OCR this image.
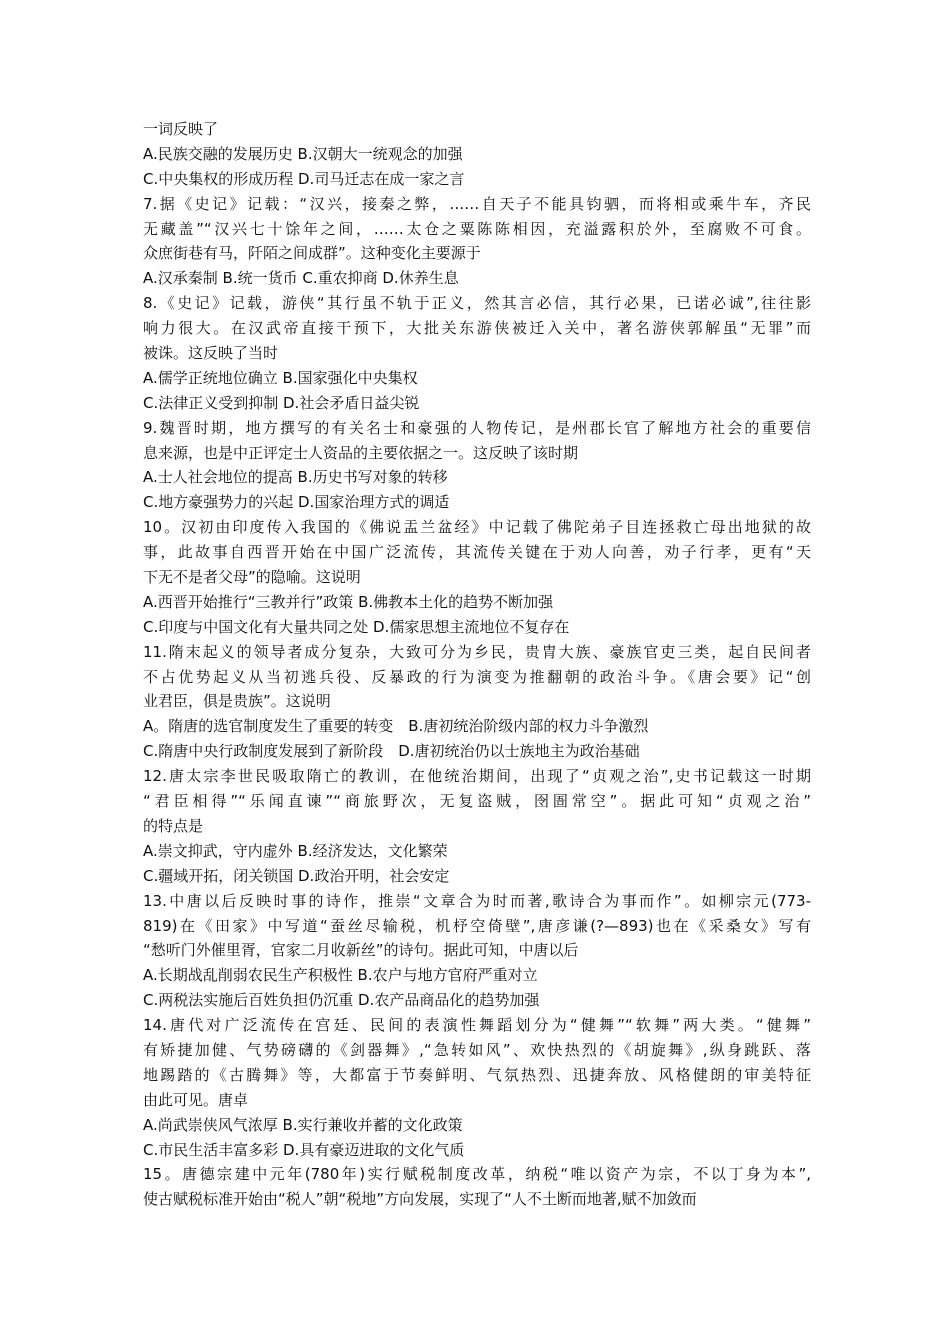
一词反映了
A.民族交融的发展历史 B.汉朝大一统观念的加强
C.中央集权的形成历程 D.司马迁志在成一家之言
7.据《史记》记载：“汉兴，接秦之弊，……自天子不能具钧驷，而将相或乘牛车，齐民
无藏盖”“汉兴七十馀年之间，……太仓之粟陈陈相因，充溢露积於外，至腐败不可食。
众庶街巷有马，阡陌之间成群”。这种变化主要源于
A.汉承秦制 B.统一货币 C.重农抑商 D.休养生息
8.《史记》记载，游侠“其行虽不轨于正义，然其言必信，其行必果，已诺必诚”,往往影
响力很大。在汉武帝直接干预下，大批关东游侠被迁入关中，著名游侠郭解虽“无罪”而
被诛。这反映了当时
A.儒学正统地位确立 B.国家强化中央集权
C.法律正义受到抑制 D.社会矛盾日益尖锐
9.魏晋时期，地方撰写的有关名士和豪强的人物传记，是州郡长官了解地方社会的重要信
息来源，也是中正评定士人资品的主要依据之一。这反映了该时期
A.士人社会地位的提高 B.历史书写对象的转移
C.地方豪强势力的兴起 D.国家治理方式的调适
10。汉初由印度传入我国的《佛说盂兰盆经》中记载了佛陀弟子目连拯救亡母出地狱的故
事，此故事自西晋开始在中国广泛流传，其流传关键在于劝人向善，劝子行孝，更有“天
下无不是者父母”的隐喻。这说明
A.西晋开始推行“三教并行”政策 B.佛教本土化的趋势不断加强
C.印度与中国文化有大量共同之处 D.儒家思想主流地位不复存在
11.隋末起义的领导者成分复杂，大致可分为乡民，贵胄大族、豪族官吏三类，起自民间者
不占优势起义从当初逃兵役、反暴政的行为演变为推翻朝的政治斗争。《唐会要》记“创
业君臣，俱是贵族”。这说明
A。隋唐的选官制度发生了重要的转变　B.唐初统治阶级内部的权力斗争激烈
C.隋唐中央行政制度发展到了新阶段　D.唐初统治仍以士族地主为政治基础
12.唐太宗李世民吸取隋亡的教训，在他统治期间，出现了“贞观之治”,史书记载这一时期
“君臣相得”“乐闻直谏”“商旅野次，无复盗贼，囹圄常空”。据此可知“贞观之治”
的特点是
A.崇文抑武，守内虚外 B.经济发达，文化繁荣
C.疆域开拓，闭关锁国 D.政治开明，社会安定
13.中唐以后反映时事的诗作，推崇“文章合为时而著,歌诗合为事而作”。如柳宗元(773-
819)在《田家》中写道“蚕丝尽输税，机杼空倚壁”,唐彦谦(?—893)也在《采桑女》写有
“愁听门外催里胥，官家二月收新丝”的诗句。据此可知，中唐以后
A.长期战乱削弱农民生产积极性 B.农户与地方官府严重对立
C.两税法实施后百姓负担仍沉重 D.农产品商品化的趋势加强
14.唐代对广泛流传在宫廷、民间的表演性舞蹈划分为“健舞”“软舞”两大类。“健舞”
有矫捷加健、气势磅礴的《剑器舞》,“急转如风”、欢快热烈的《胡旋舞》,纵身跳跃、落
地踢踏的《古腾舞》等，大都富于节奏鲜明、气氛热烈、迅捷奔放、风格健朗的审美特征
由此可见。唐卓
A.尚武崇侠风气浓厚 B.实行兼收并蓄的文化政策
C.市民生活丰富多彩 D.具有豪迈进取的文化气质
15。唐德宗建中元年(780年)实行赋税制度改革，纳税“唯以资产为宗，不以丁身为本”,
使古赋税标准开始由“税人”朝“税地”方向发展，实现了“人不土断而地著,赋不加敛而
